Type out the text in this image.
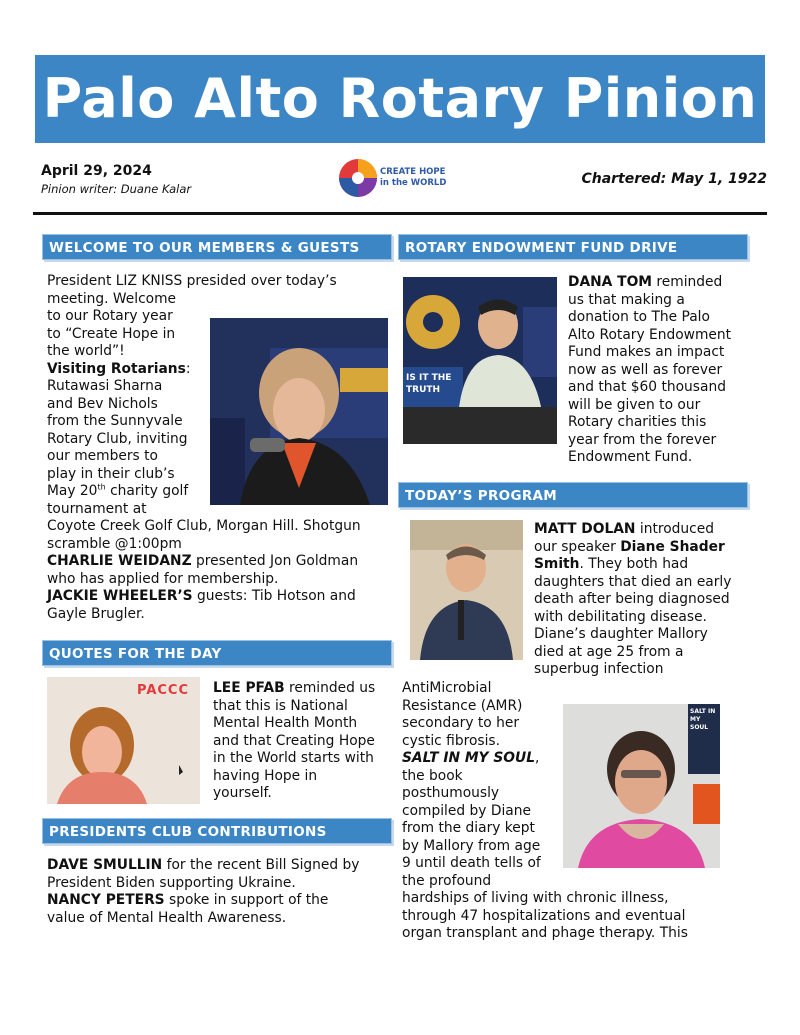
Palo Alto Rotary Pinion
April 29, 2024
Pinion writer: Duane Kalar
CREATE HOPE
in the WORLD	Chartered: May 1, 1922
WELCOME TO OUR MEMBERS & GUESTS
President LIZ KNISS presided over today’s
meeting. Welcome
to our Rotary year
to “Create Hope in
the world”!
Visiting Rotarians:
Rutawasi Sharna
and Bev Nichols
from the Sunnyvale
Rotary Club, inviting
our members to
play in their club’s
May 20th charity golf
tournament at
Coyote Creek Golf Club, Morgan Hill. Shotgun
scramble @1:00pm
CHARLIE WEIDANZ presented Jon Goldman
who has applied for membership.
JACKIE WHEELER’S guests: Tib Hotson and
Gayle Brugler.
QUOTES FOR THE DAY
PACCC LEE PFAB reminded us
that this is National
Mental Health Month
and that Creating Hope
in the World starts with
having Hope in
yourself.
PRESIDENTS CLUB CONTRIBUTIONS
DAVE SMULLIN for the recent Bill Signed by
President Biden supporting Ukraine.
NANCY PETERS spoke in support of the
value of Mental Health Awareness.
ROTARY ENDOWMENT FUND DRIVE
IS IT THE TRUTH
DANA TOM reminded
us that making a
donation to The Palo
Alto Rotary Endowment
Fund makes an impact
now as well as forever
and that $60 thousand
will be given to our
Rotary charities this
year from the forever
Endowment Fund.
TODAY’S PROGRAM
MATT DOLAN introduced
our speaker Diane Shader
Smith. They both had
daughters that died an early
death after being diagnosed
with debilitating disease.
Diane’s daughter Mallory
died at age 25 from a
superbug infection
AntiMicrobial
Resistance (AMR)
secondary to her
cystic fibrosis.
SALT IN MY SOUL,
the book
posthumously
compiled by Diane
from the diary kept
by Mallory from age
9 until death tells of
the profound
hardships of living with chronic illness,
through 47 hospitalizations and eventual
organ transplant and phage therapy. This
SALT IN MY SOUL
